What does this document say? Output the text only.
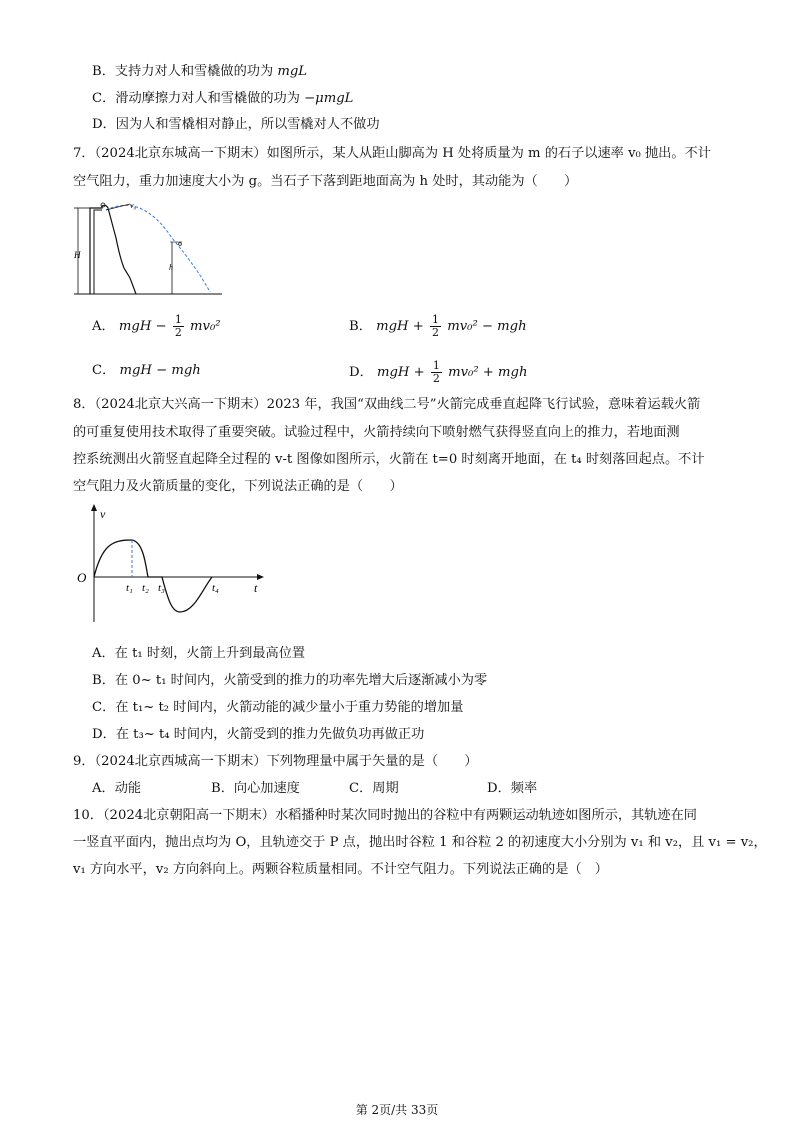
B．支持力对人和雪橇做的功为 mgL
C．滑动摩擦力对人和雪橇做的功为 −μmgL
D．因为人和雪橇相对静止，所以雪橇对人不做功
7．（2024北京东城高一下期末）如图所示，某人从距山脚高为 H 处将质量为 m 的石子以速率 v₀ 抛出。不计
空气阻力，重力加速度大小为 g。当石子下落到距地面高为 h 处时，其动能为（　　）
v₀
H
h
A． mgH − $\frac{1}{2} mv_0^2$	B． mgH + $\frac{1}{2} mv_0^2$ − mgh
C． mgH − mgh	D． mgH + $\frac{1}{2} mv_0^2$ + mgh
8．（2024北京大兴高一下期末）2023 年，我国“双曲线二号”火箭完成垂直起降飞行试验，意味着运载火箭
的可重复使用技术取得了重要突破。试验过程中，火箭持续向下喷射燃气获得竖直向上的推力，若地面测
控系统测出火箭竖直起降全过程的 v-t 图像如图所示，火箭在 t=0 时刻离开地面，在 t₄ 时刻落回起点。不计
空气阻力及火箭质量的变化，下列说法正确的是（　　）
v
O
t
t₁ t₂ t₃	t₄
A．在 t₁ 时刻，火箭上升到最高位置
B．在 0~ t₁ 时间内，火箭受到的推力的功率先增大后逐渐减小为零
C．在 t₁~ t₂ 时间内，火箭动能的减少量小于重力势能的增加量
D．在 t₃~ t₄ 时间内，火箭受到的推力先做负功再做正功
9．（2024北京西城高一下期末）下列物理量中属于矢量的是（　　）
A．动能	B．向心加速度	C．周期	D．频率
10．（2024北京朝阳高一下期末）水稻播种时某次同时抛出的谷粒中有两颗运动轨迹如图所示，其轨迹在同
一竖直平面内，抛出点均为 O，且轨迹交于 P 点，抛出时谷粒 1 和谷粒 2 的初速度大小分别为 v₁ 和 v₂，且 v₁ = v₂，
v₁ 方向水平，v₂ 方向斜向上。两颗谷粒质量相同。不计空气阻力。下列说法正确的是（　）
第 2页/共 33页
